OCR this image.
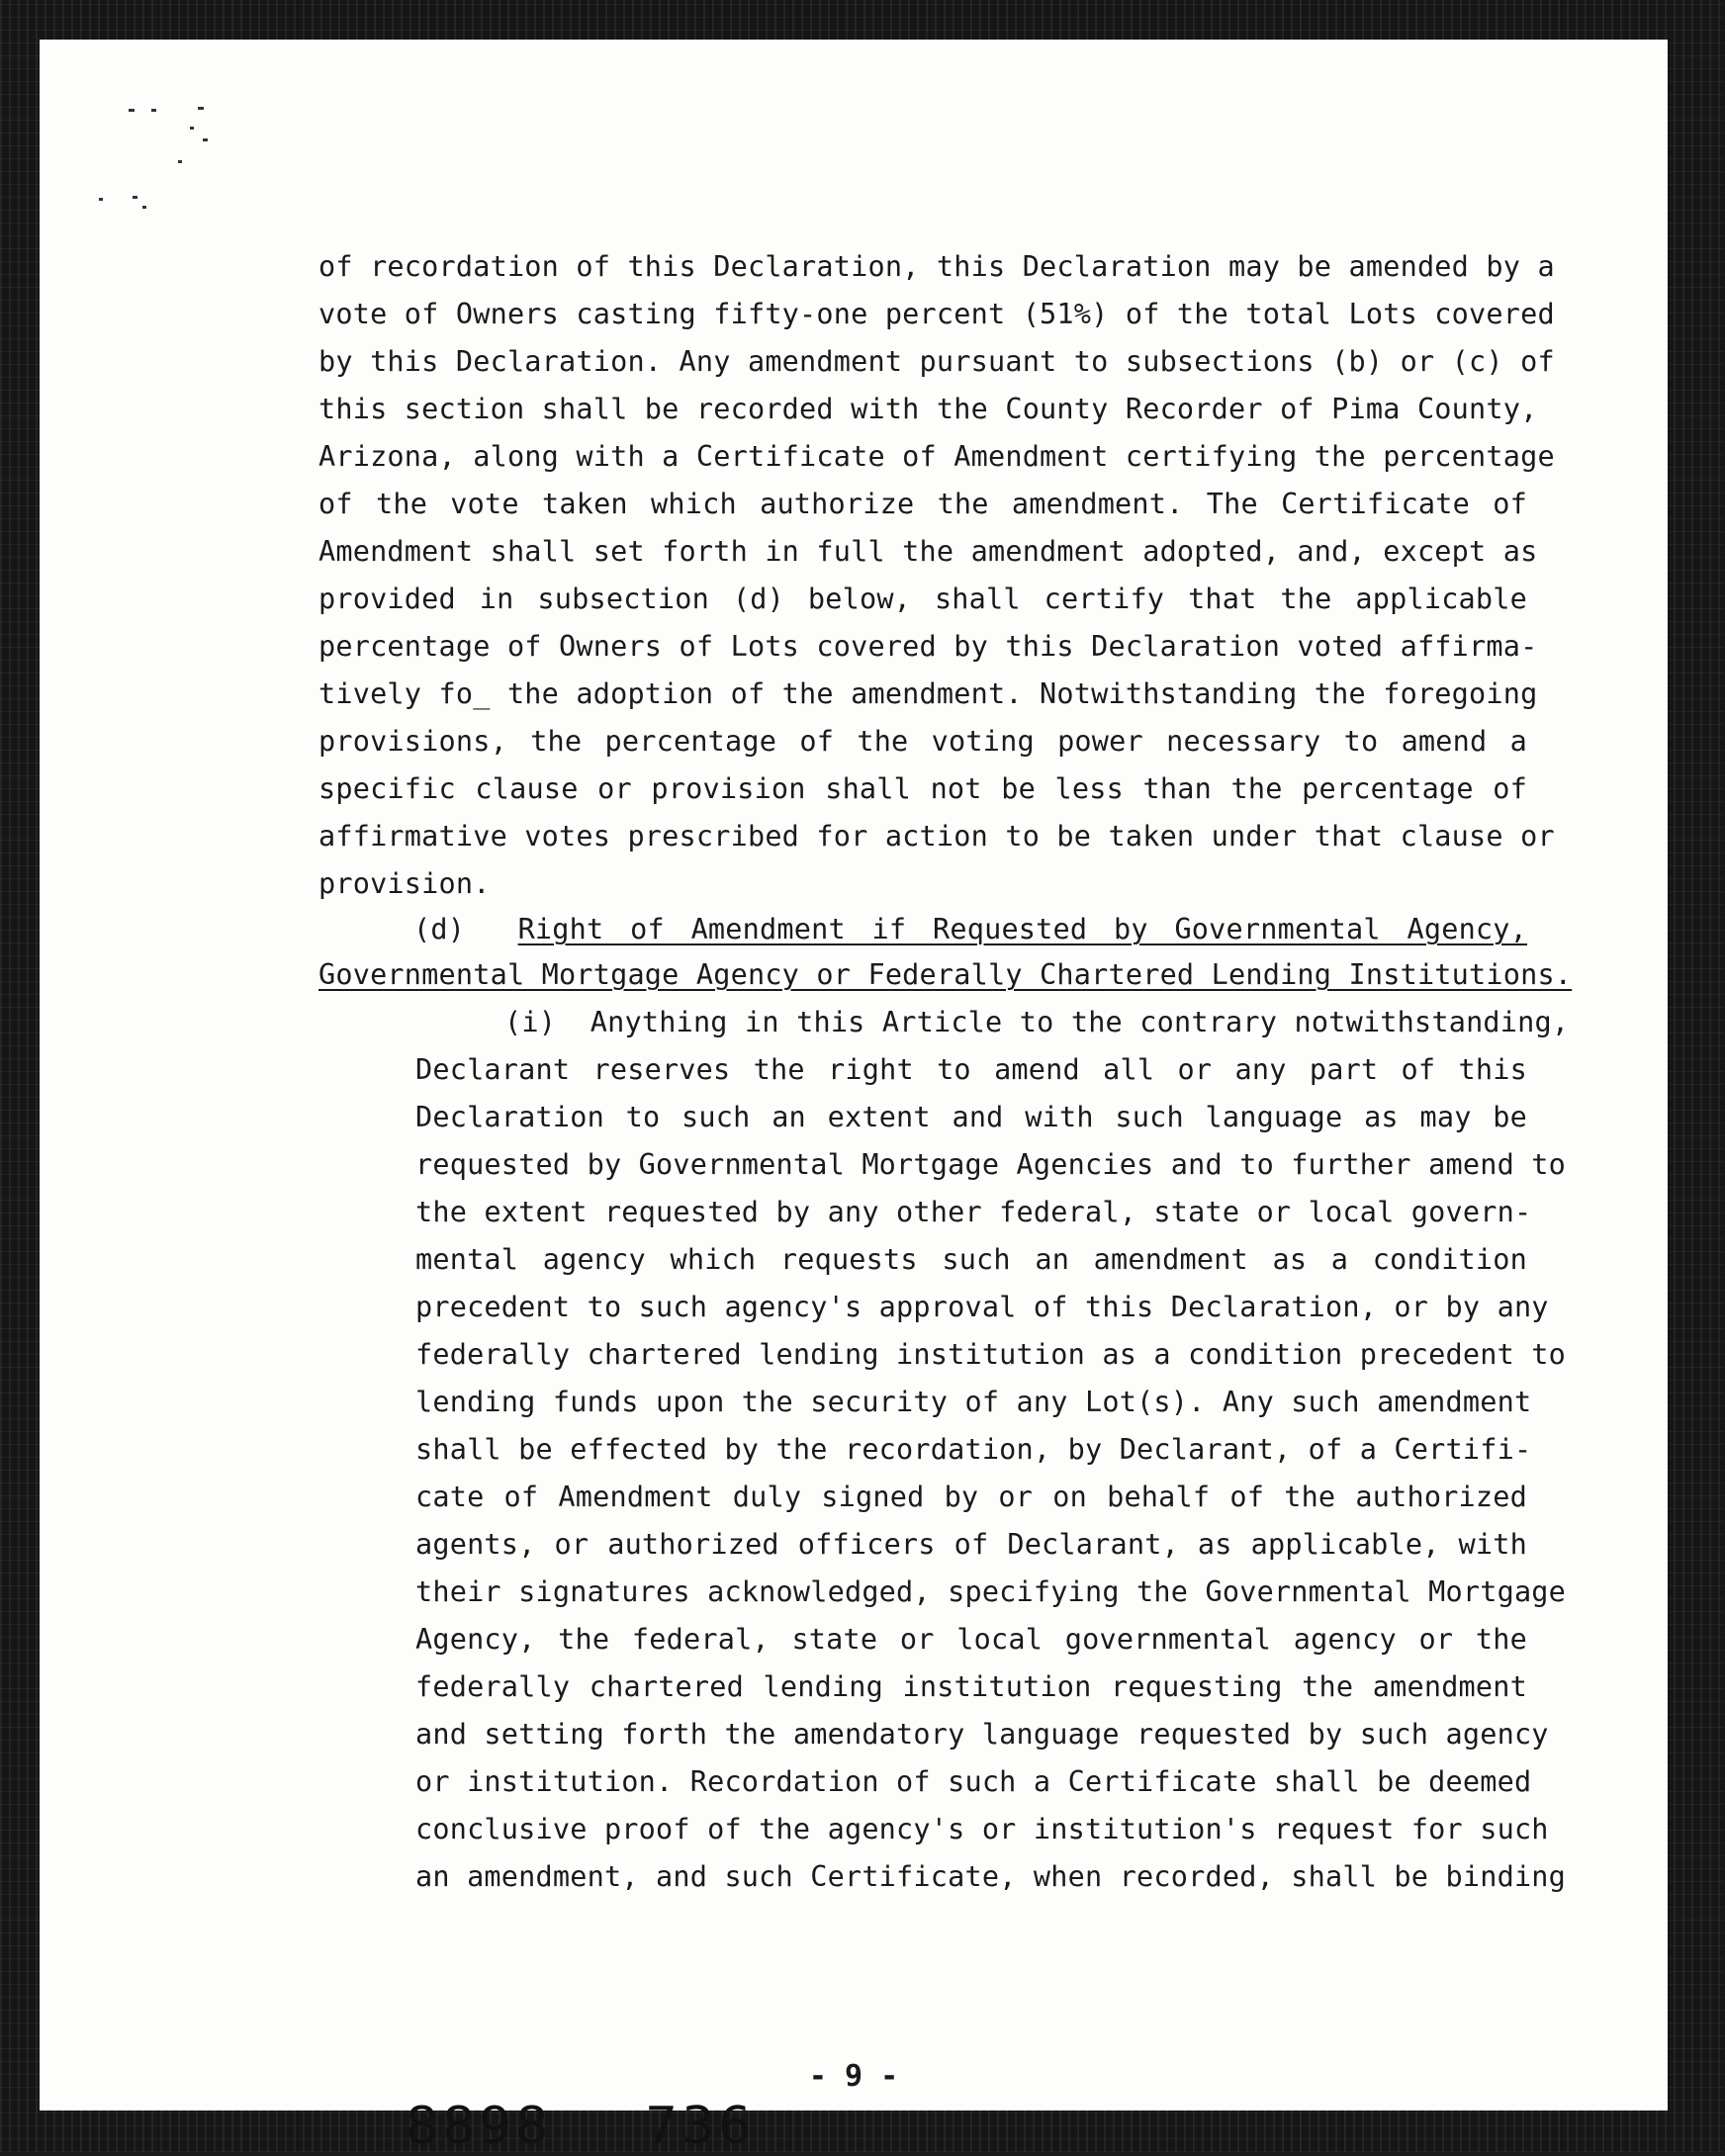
of recordation of this Declaration, this Declaration may be amended by a
vote of Owners casting fifty-one percent (51%) of the total Lots covered
by this Declaration. Any amendment pursuant to subsections (b) or (c) of
this section shall be recorded with the County Recorder of Pima County,
Arizona, along with a Certificate of Amendment certifying the percentage
of the vote taken which authorize the amendment. The Certificate of
Amendment shall set forth in full the amendment adopted, and, except as
provided in subsection (d) below, shall certify that the applicable
percentage of Owners of Lots covered by this Declaration voted affirma-
tively fo_ the adoption of the amendment. Notwithstanding the foregoing
provisions, the percentage of the voting power necessary to amend a
specific clause or provision shall not be less than the percentage of
affirmative votes prescribed for action to be taken under that clause or
provision.
(d) Right of Amendment if Requested by Governmental Agency,
Governmental Mortgage Agency or Federally Chartered Lending Institutions.
(i) Anything in this Article to the contrary notwithstanding,
Declarant reserves the right to amend all or any part of this
Declaration to such an extent and with such language as may be
requested by Governmental Mortgage Agencies and to further amend to
the extent requested by any other federal, state or local govern-
mental agency which requests such an amendment as a condition
precedent to such agency's approval of this Declaration, or by any
federally chartered lending institution as a condition precedent to
lending funds upon the security of any Lot(s). Any such amendment
shall be effected by the recordation, by Declarant, of a Certifi-
cate of Amendment duly signed by or on behalf of the authorized
agents, or authorized officers of Declarant, as applicable, with
their signatures acknowledged, specifying the Governmental Mortgage
Agency, the federal, state or local governmental agency or the
federally chartered lending institution requesting the amendment
and setting forth the amendatory language requested by such agency
or institution. Recordation of such a Certificate shall be deemed
conclusive proof of the agency's or institution's request for such
an amendment, and such Certificate, when recorded, shall be binding
- 9 -
8898 736
